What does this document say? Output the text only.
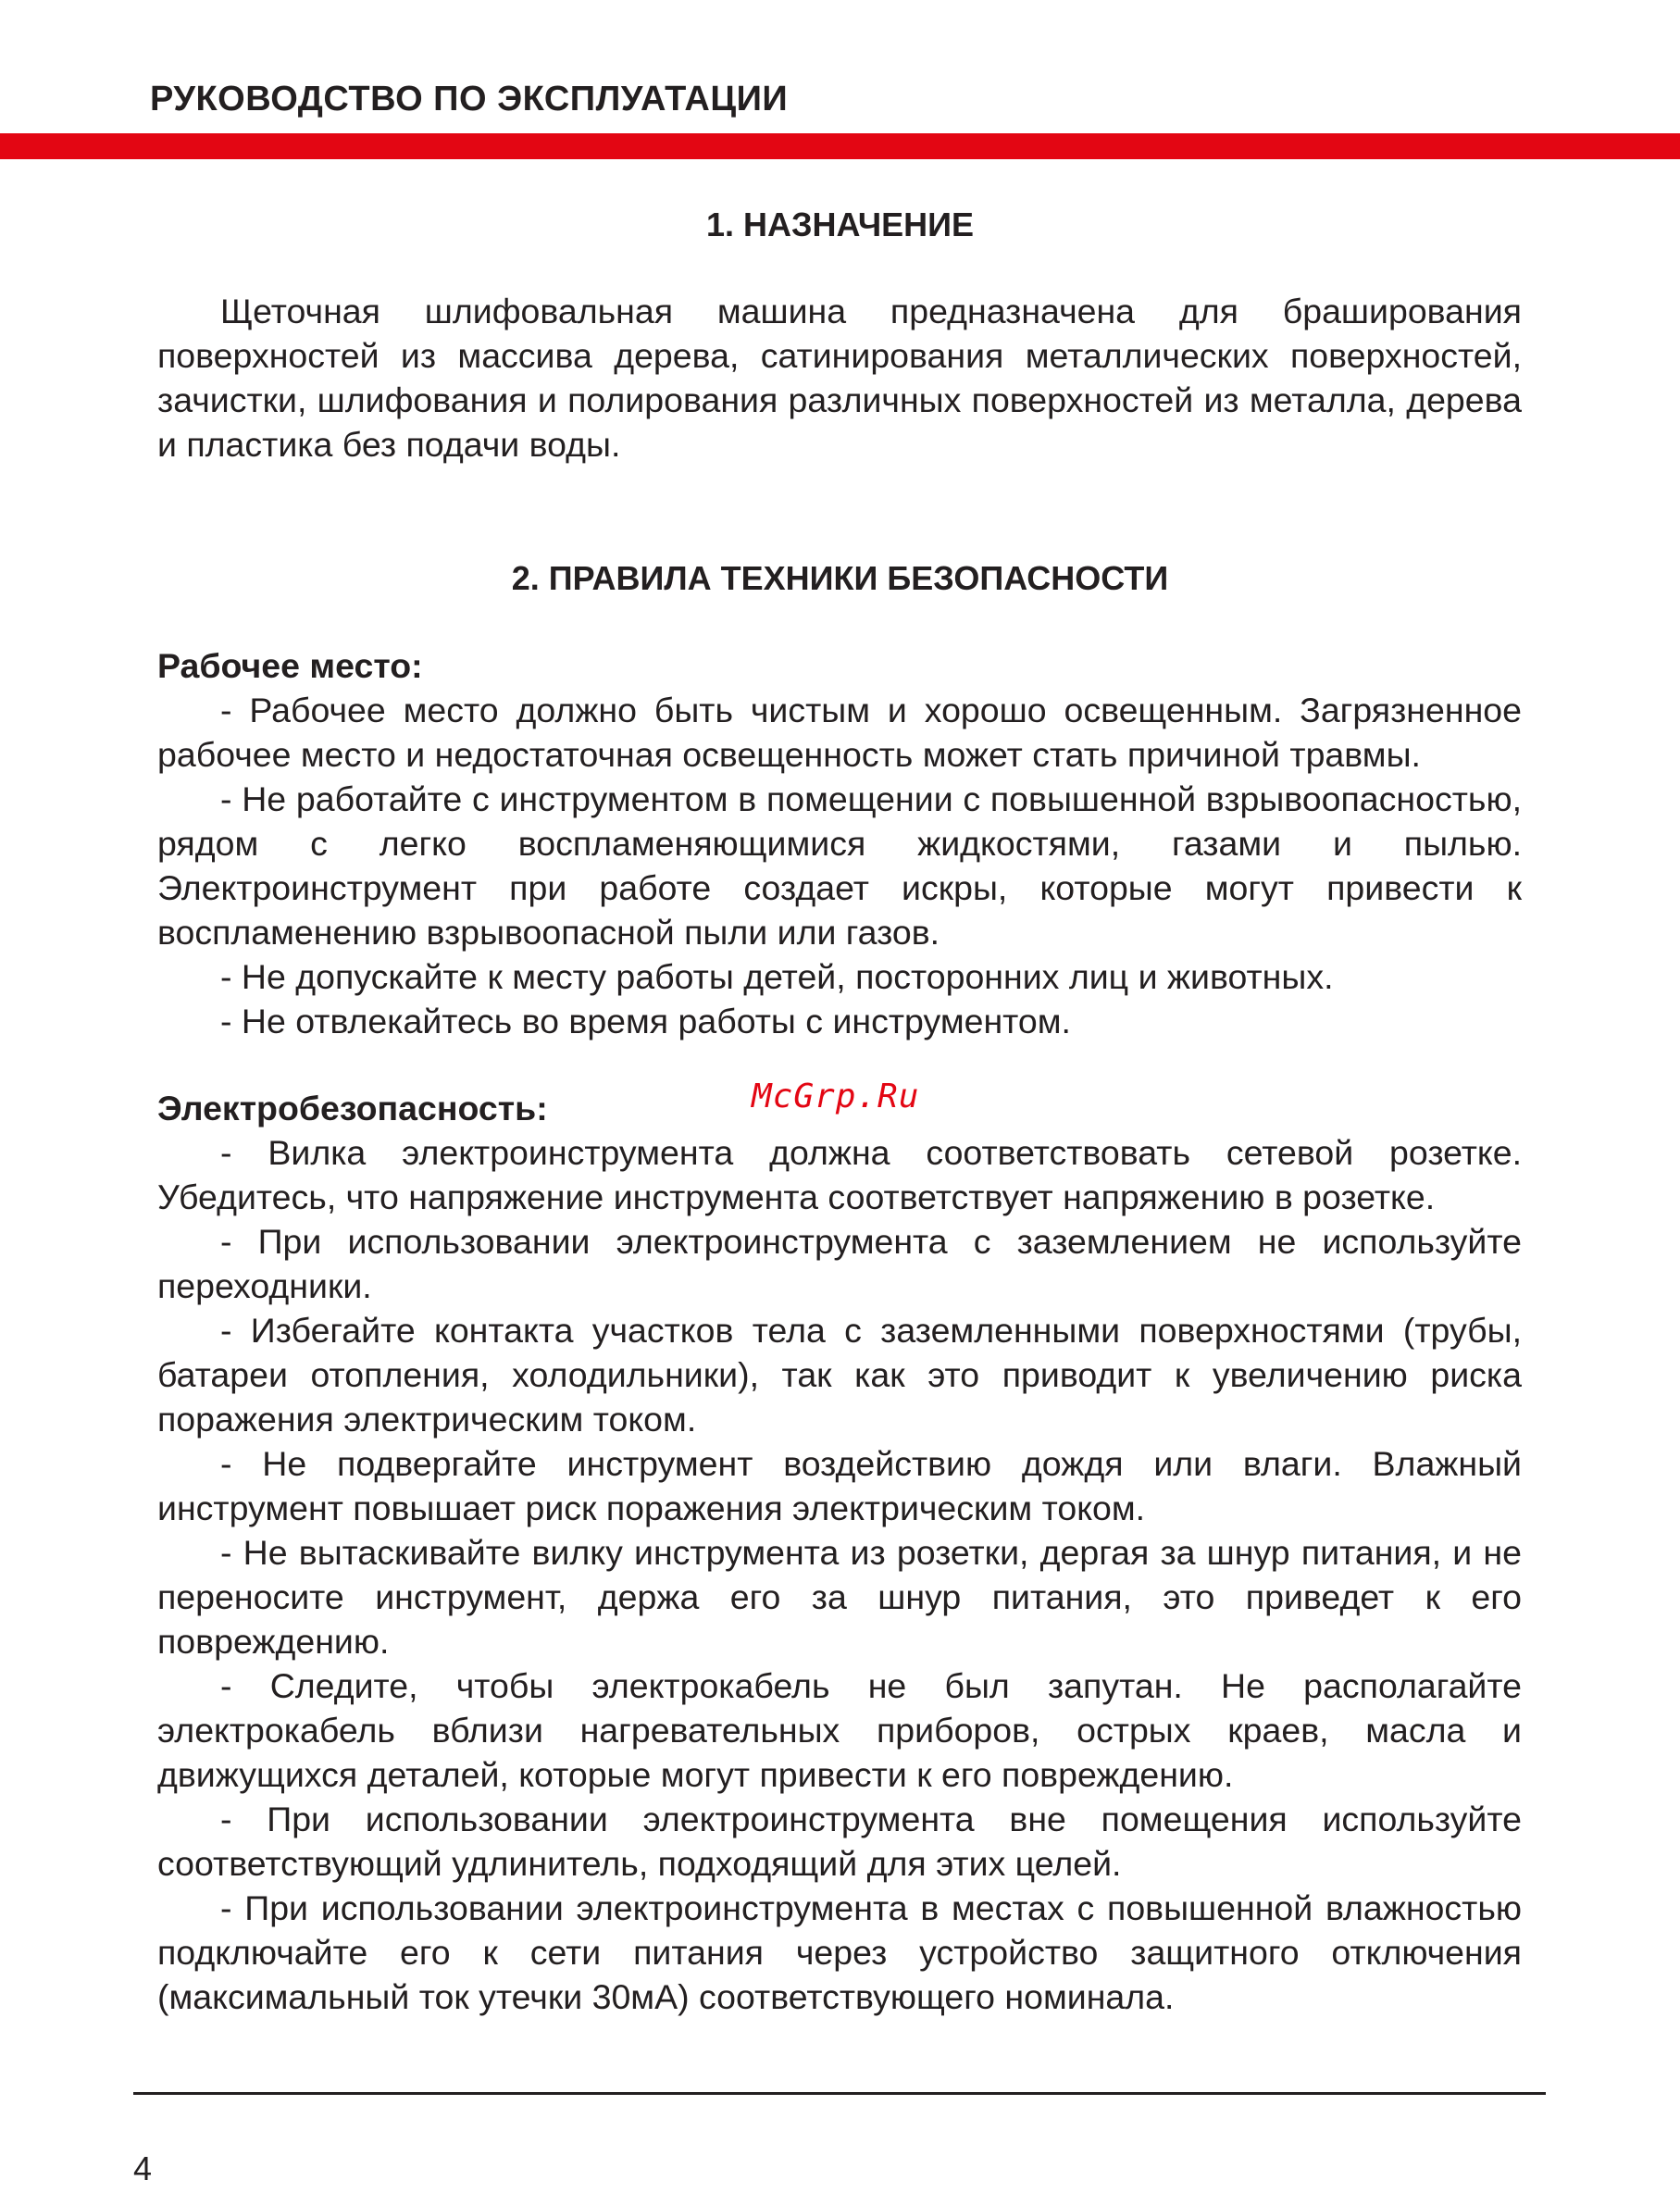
РУКОВОДСТВО ПО ЭКСПЛУАТАЦИИ
1. НАЗНАЧЕНИЕ

Щеточная шлифовальная машина предназначена для браширования поверхностей из массива дерева, сатинирования металлических поверхностей, зачистки, шлифования и полирования различных поверхностей из металла, дерева и пластика без подачи воды.

2. ПРАВИЛА ТЕХНИКИ БЕЗОПАСНОСТИ

Рабочее место:

- Рабочее место должно быть чистым и хорошо освещенным. Загрязненное рабочее место и недостаточная освещенность может стать причиной травмы.

- Не работайте с инструментом в помещении с повышенной взрывоопасностью, рядом с легко воспламеняющимися жидкостями, газами и пылью. Электроинструмент при работе создает искры, которые могут привести к воспламенению взрывоопасной пыли или газов.

- Не допускайте к месту работы детей, посторонних лиц и животных.

- Не отвлекайтесь во время работы с инструментом.

Электробезопасность:

- Вилка электроинструмента должна соответствовать сетевой розетке. Убедитесь, что напряжение инструмента соответствует напряжению в розетке.

- При использовании электроинструмента с заземлением не используйте переходники.

- Избегайте контакта участков тела с заземленными поверхностями (трубы, батареи отопления, холодильники), так как это приводит к увеличению риска поражения электрическим током.

- Не подвергайте инструмент воздействию дождя или влаги. Влажный инструмент повышает риск поражения электрическим током.

- Не вытаскивайте вилку инструмента из розетки, дергая за шнур питания, и не переносите инструмент, держа его за шнур питания, это приведет к его повреждению.

- Следите, чтобы электрокабель не был запутан. Не располагайте электрокабель вблизи нагревательных приборов, острых краев, масла и движущихся деталей, которые могут привести к его повреждению.

- При использовании электроинструмента вне помещения используйте соответствующий удлинитель, подходящий для этих целей.

- При использовании электроинструмента в местах с повышенной влажностью подключайте его к сети питания через устройство защитного отключения (максимальный ток утечки 30мА) соответствующего номинала.

McGrp.Ru
4
